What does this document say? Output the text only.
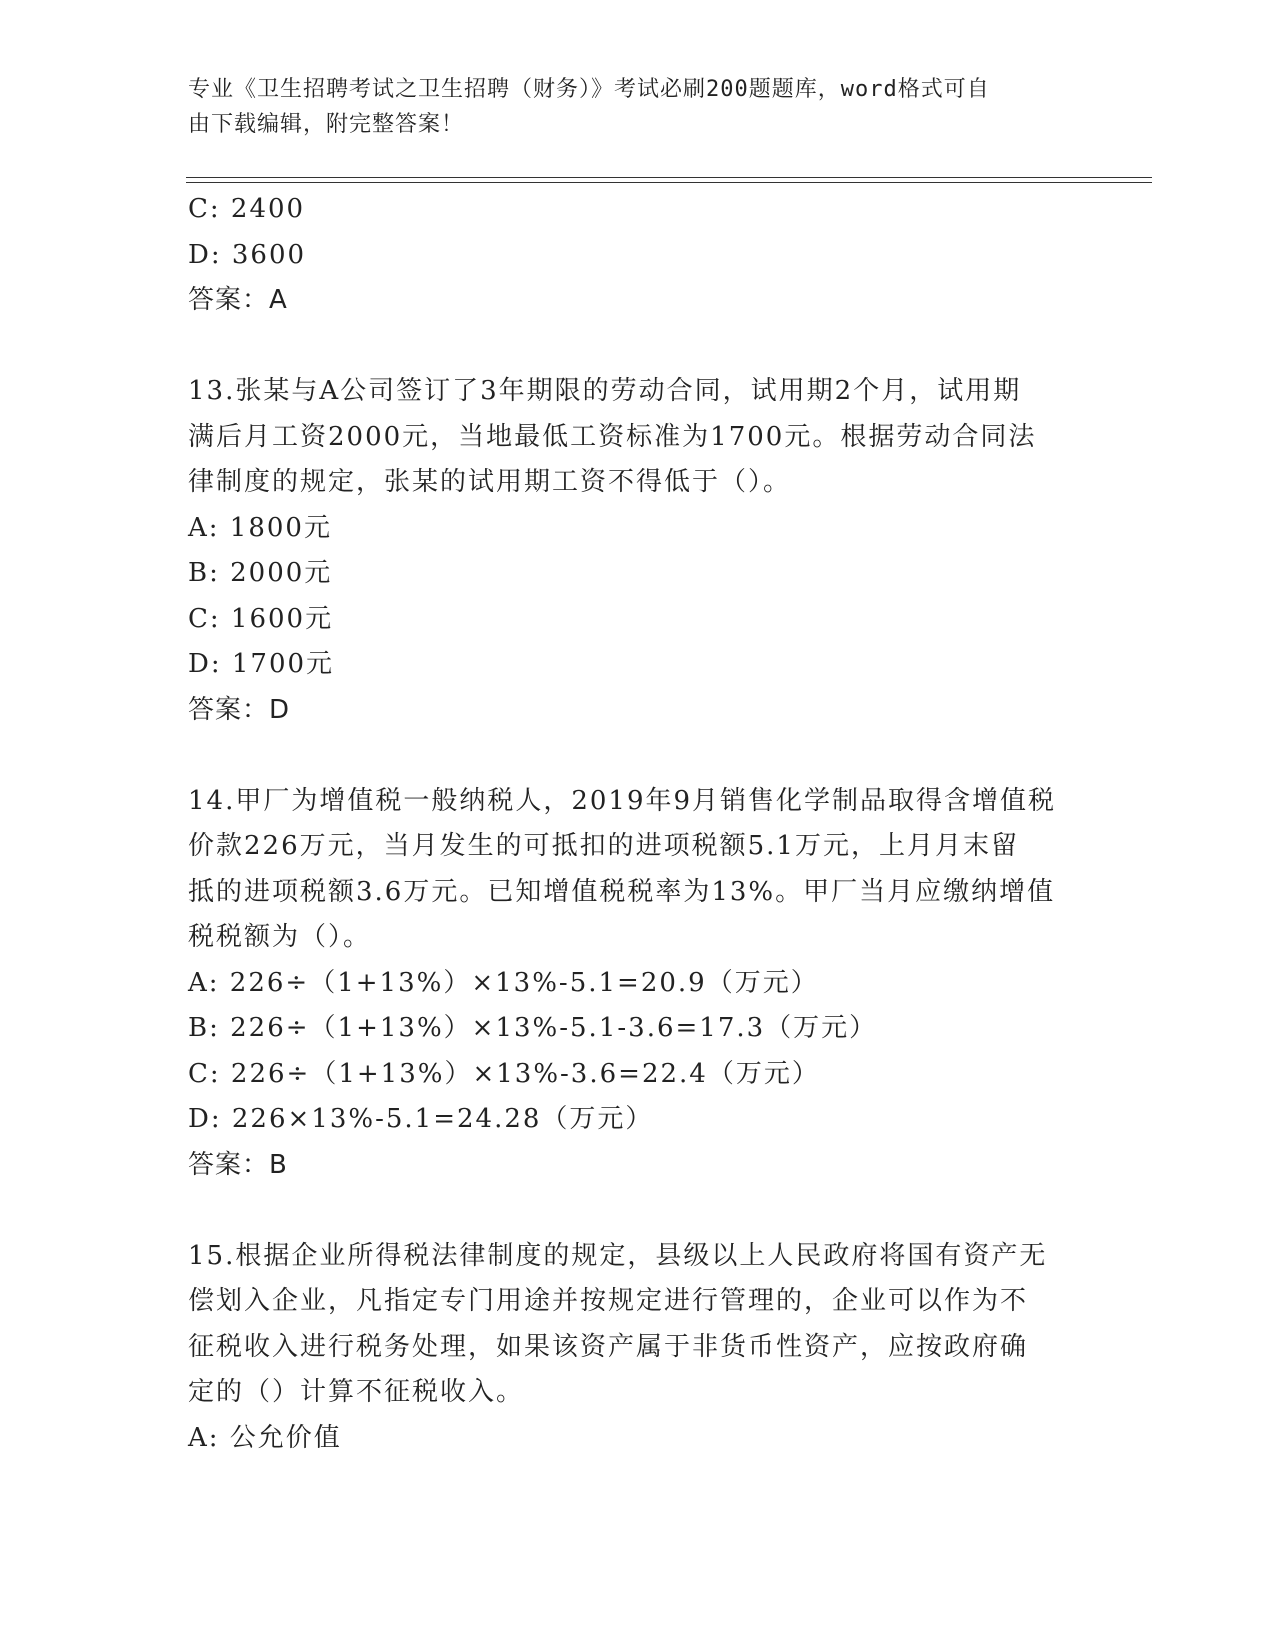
专业《卫生招聘考试之卫生招聘（财务）》考试必刷200题题库，word格式可自
由下载编辑，附完整答案！
C: 2400
D: 3600
答案：A
13.张某与A公司签订了3年期限的劳动合同，试用期2个月，试用期
满后月工资2000元，当地最低工资标准为1700元。根据劳动合同法
律制度的规定，张某的试用期工资不得低于（）。
A: 1800元
B: 2000元
C: 1600元
D: 1700元
答案：D
14.甲厂为增值税一般纳税人，2019年9月销售化学制品取得含增值税
价款226万元，当月发生的可抵扣的进项税额5.1万元，上月月末留
抵的进项税额3.6万元。已知增值税税率为13%。甲厂当月应缴纳增值
税税额为（）。
A: 226÷（1+13%）×13%-5.1=20.9（万元）
B: 226÷（1+13%）×13%-5.1-3.6=17.3（万元）
C: 226÷（1+13%）×13%-3.6=22.4（万元）
D: 226×13%-5.1=24.28（万元）
答案：B
15.根据企业所得税法律制度的规定，县级以上人民政府将国有资产无
偿划入企业，凡指定专门用途并按规定进行管理的，企业可以作为不
征税收入进行税务处理，如果该资产属于非货币性资产，应按政府确
定的（）计算不征税收入。
A: 公允价值
